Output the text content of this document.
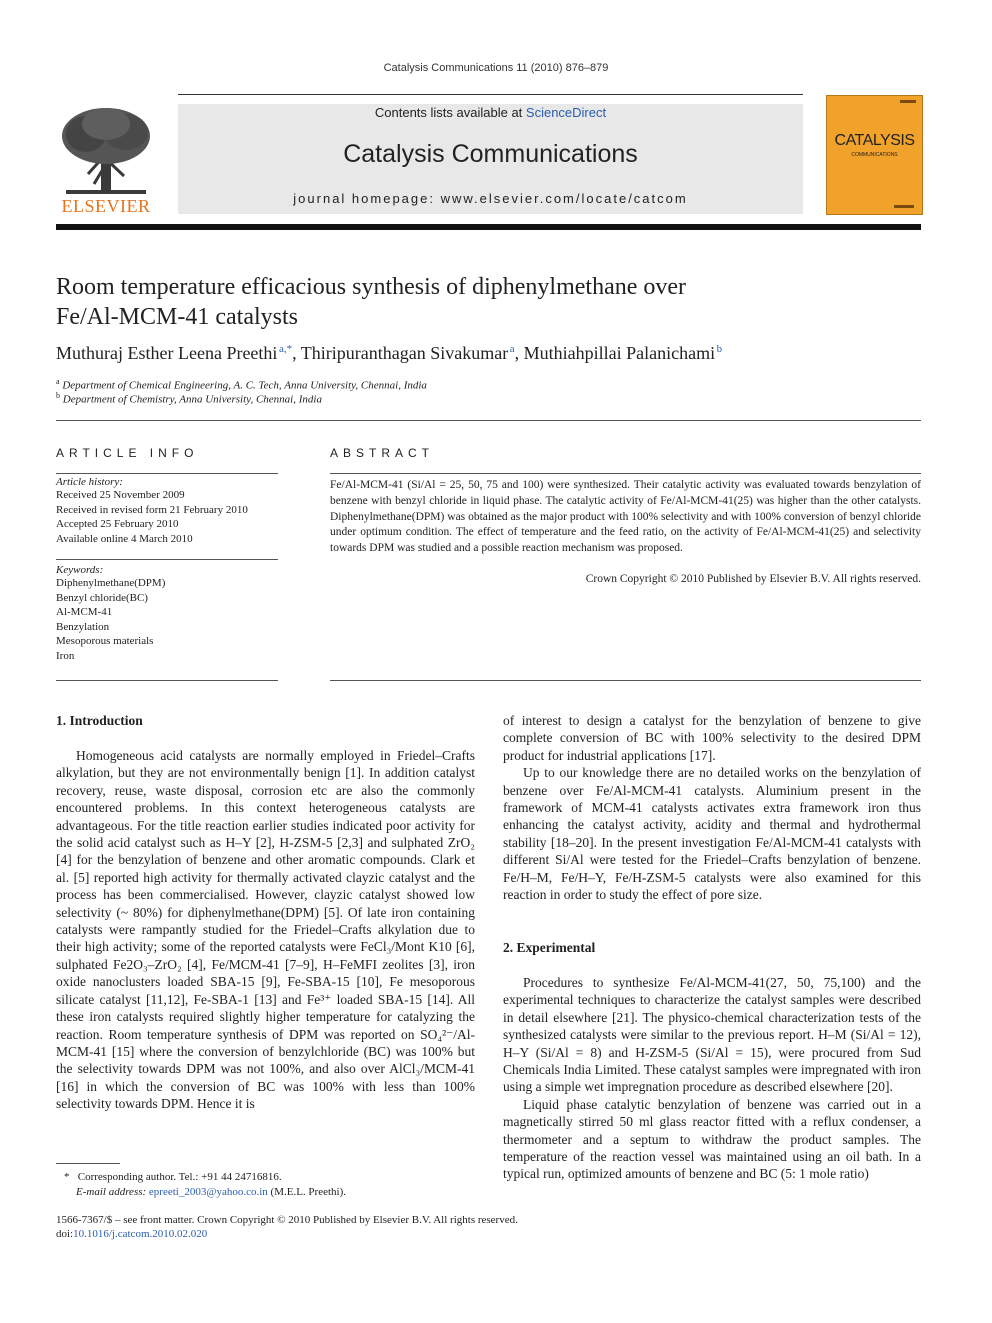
Catalysis Communications 11 (2010) 876–879
ELSEVIER
Contents lists available at ScienceDirect
Catalysis Communications
journal homepage: www.elsevier.com/locate/catcom
CATALYSIS
COMMUNICATIONS
Room temperature efficacious synthesis of diphenylmethane over
Fe/Al-MCM-41 catalysts
Muthuraj Esther Leena Preethi  $^{a,*}$, Thiripuranthagan Sivakumar  $^a$, Muthiahpillai Palanichami  $^b$
$^a$ Department of Chemical Engineering, A. C. Tech, Anna University, Chennai, India
$^b$ Department of Chemistry, Anna University, Chennai, India
ARTICLE INFO
Article history:
Received 25 November 2009
Received in revised form 21 February 2010
Accepted 25 February 2010
Available online 4 March 2010
Keywords:
Diphenylmethane(DPM)
Benzyl chloride(BC)
Al-MCM-41
Benzylation
Mesoporous materials
Iron
ABSTRACT
Fe/Al-MCM-41 (Si/Al = 25, 50, 75 and 100) were synthesized. Their catalytic activity was evaluated towards benzylation of benzene with benzyl chloride in liquid phase. The catalytic activity of Fe/Al-MCM-41(25) was higher than the other catalysts. Diphenylmethane(DPM) was obtained as the major product with 100% selectivity and with 100% conversion of benzyl chloride under optimum condition. The effect of temperature and the feed ratio, on the activity of Fe/Al-MCM-41(25) and selectivity towards DPM was studied and a possible reaction mechanism was proposed.
Crown Copyright © 2010 Published by Elsevier B.V. All rights reserved.
1. Introduction

Homogeneous acid catalysts are normally employed in Friedel–Crafts alkylation, but they are not environmentally benign [1]. In addition catalyst recovery, reuse, waste disposal, corrosion etc are also the commonly encountered problems. In this context heterogeneous catalysts are advantageous. For the title reaction earlier studies indicated poor activity for the solid acid catalyst such as H–Y [2], H-ZSM-5 [2,3] and sulphated ZrO₂ [4] for the benzylation of benzene and other aromatic compounds. Clark et al. [5] reported high activity for thermally activated clayzic catalyst and the process has been commercialised. However, clayzic catalyst showed low selectivity (~ 80%) for diphenylmethane(DPM) [5]. Of late iron containing catalysts were rampantly studied for the Friedel–Crafts alkylation due to their high activity; some of the reported catalysts were FeCl₃/Mont K10 [6], sulphated Fe2O₃–ZrO₂ [4], Fe/MCM-41 [7–9], H–FeMFI zeolites [3], iron oxide nanoclusters loaded SBA-15 [9], Fe-SBA-15 [10], Fe mesoporous silicate catalyst [11,12], Fe-SBA-1 [13] and Fe³⁺ loaded SBA-15 [14]. All these iron catalysts required slightly higher temperature for catalyzing the reaction. Room temperature synthesis of DPM was reported on SO₄²⁻/Al-MCM-41 [15] where the conversion of benzylchloride (BC) was 100% but the selectivity towards DPM was not 100%, and also over AlCl₃/MCM-41 [16] in which the conversion of BC was 100% with less than 100% selectivity towards DPM. Hence it is

of interest to design a catalyst for the benzylation of benzene to give complete conversion of BC with 100% selectivity to the desired DPM product for industrial applications [17].

Up to our knowledge there are no detailed works on the benzylation of benzene over Fe/Al-MCM-41 catalysts. Aluminium present in the framework of MCM-41 catalysts activates extra framework iron thus enhancing the catalyst activity, acidity and thermal and hydrothermal stability [18–20]. In the present investigation Fe/Al-MCM-41 catalysts with different Si/Al were tested for the Friedel–Crafts benzylation of benzene. Fe/H–M, Fe/H–Y, Fe/H-ZSM-5 catalysts were also examined for this reaction in order to study the effect of pore size.

2. Experimental

Procedures to synthesize Fe/Al-MCM-41(27, 50, 75,100) and the experimental techniques to characterize the catalyst samples were described in detail elsewhere [21]. The physico-chemical characterization tests of the synthesized catalysts were similar to the previous report. H–M (Si/Al = 12), H–Y (Si/Al = 8) and H-ZSM-5 (Si/Al = 15), were procured from Sud Chemicals India Limited. These catalyst samples were impregnated with iron using a simple wet impregnation procedure as described elsewhere [20].

Liquid phase catalytic benzylation of benzene was carried out in a magnetically stirred 50 ml glass reactor fitted with a reflux condenser, a thermometer and a septum to withdraw the product samples. The temperature of the reaction vessel was maintained using an oil bath. In a typical run, optimized amounts of benzene and BC (5: 1 mole ratio)

* Corresponding author. Tel.: +91 44 24716816.
E-mail address: epreeti_2003@yahoo.co.in (M.E.L. Preethi).
1566-7367/$ – see front matter. Crown Copyright © 2010 Published by Elsevier B.V. All rights reserved.
doi:10.1016/j.catcom.2010.02.020
